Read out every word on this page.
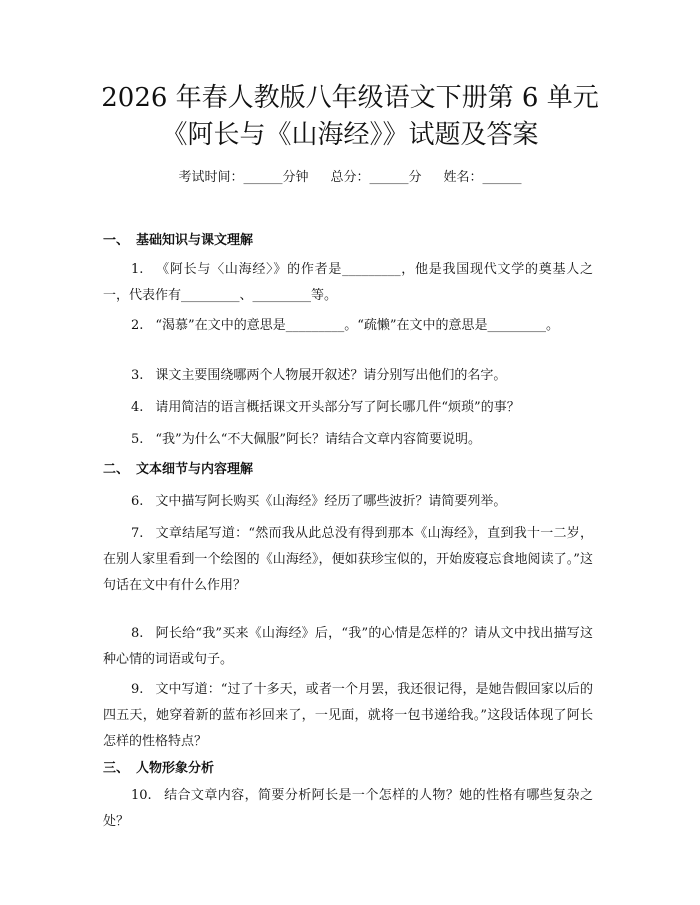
2026 年春人教版八年级语文下册第 6 单元
《阿长与《山海经》》试题及答案
考试时间：______分钟 总分：______分 姓名：______
一、 基础知识与课文理解
1. 《阿长与〈山海经〉》的作者是_________，他是我国现代文学的奠基人之一，代表作有_________、_________等。
2. “渴慕”在文中的意思是_________。“疏懒”在文中的意思是_________。
3. 课文主要围绕哪两个人物展开叙述？请分别写出他们的名字。
4. 请用简洁的语言概括课文开头部分写了阿长哪几件“烦琐”的事？
5. “我”为什么“不大佩服”阿长？请结合文章内容简要说明。
二、 文本细节与内容理解
6. 文中描写阿长购买《山海经》经历了哪些波折？请简要列举。
7. 文章结尾写道：“然而我从此总没有得到那本《山海经》，直到我十一二岁，在别人家里看到一个绘图的《山海经》，便如获珍宝似的，开始废寝忘食地阅读了。”这句话在文中有什么作用？
8. 阿长给“我”买来《山海经》后，“我”的心情是怎样的？请从文中找出描写这种心情的词语或句子。
9. 文中写道：“过了十多天，或者一个月罢，我还很记得，是她告假回家以后的四五天，她穿着新的蓝布衫回来了，一见面，就将一包书递给我。”这段话体现了阿长怎样的性格特点？
三、 人物形象分析
10. 结合文章内容，简要分析阿长是一个怎样的人物？她的性格有哪些复杂之处？
